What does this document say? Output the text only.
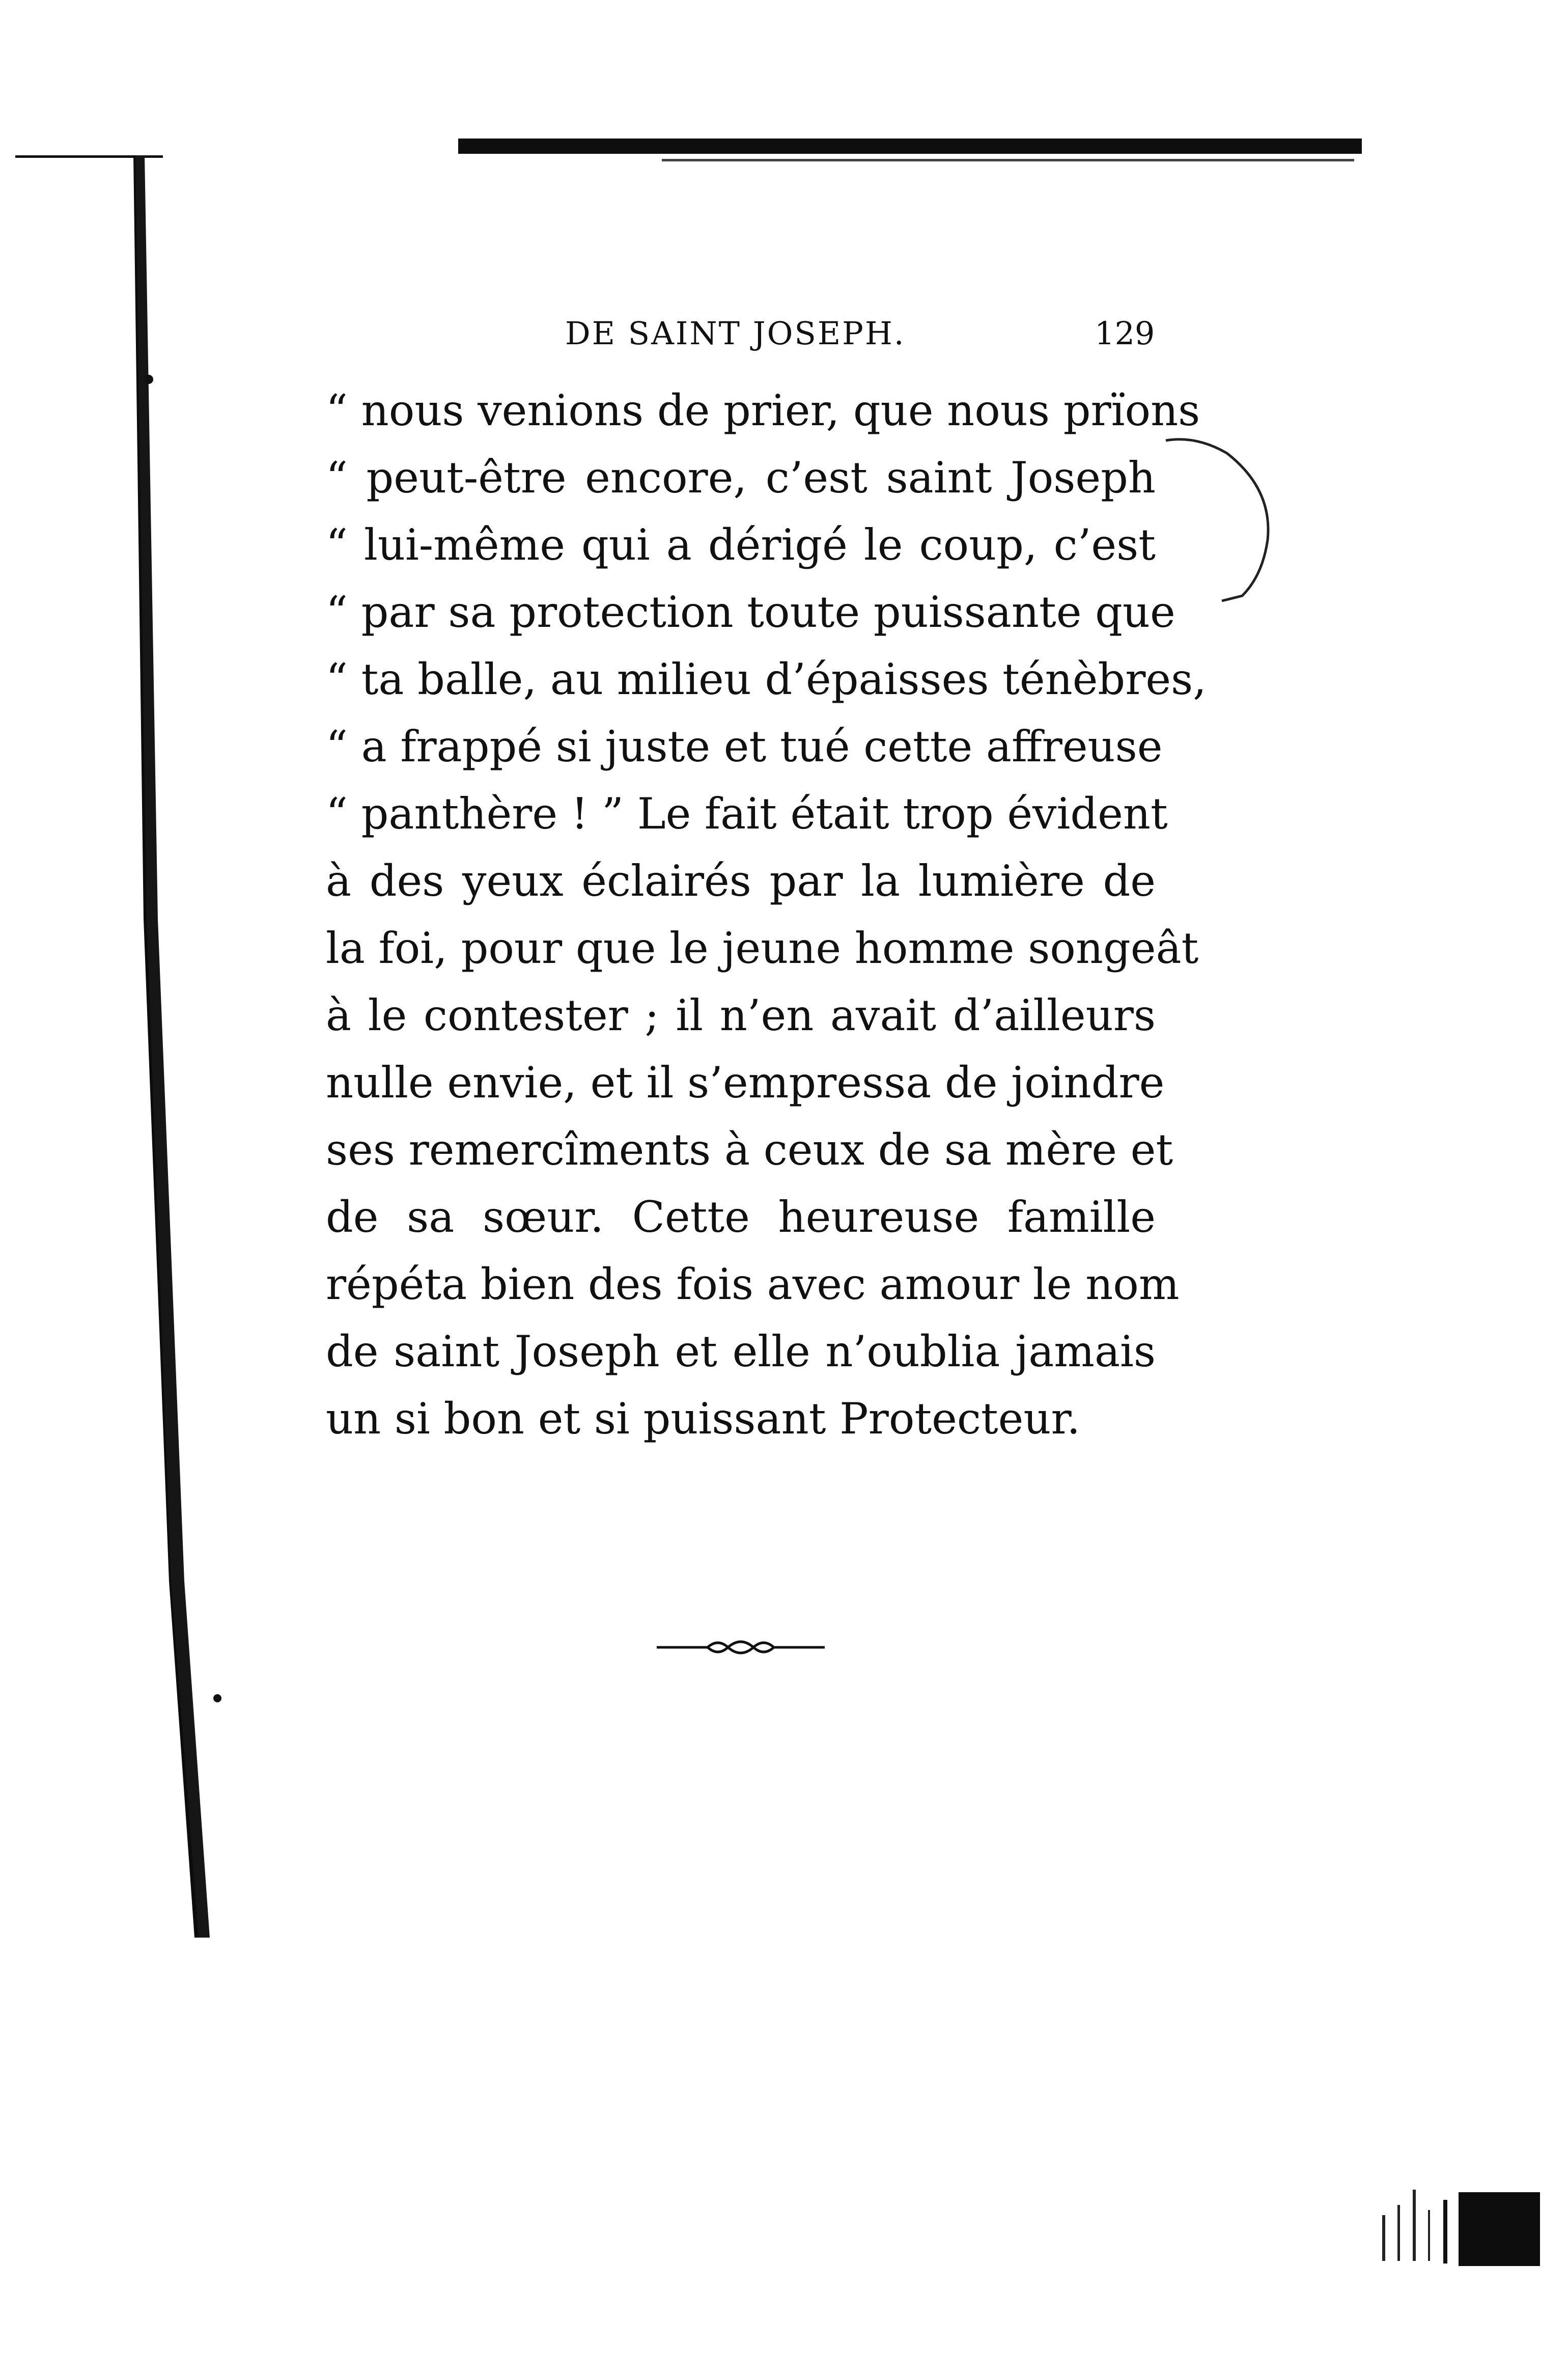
DE SAINT JOSEPH.	129
“ nous venions de prier, que nous prïons
“ peut-être encore, c’est saint Joseph
“ lui-même qui a dérigé le coup, c’est
“ par sa protection toute puissante que
“ ta balle, au milieu d’épaisses ténèbres,
“ a frappé si juste et tué cette affreuse
“ panthère ! ” Le fait était trop évident
à des yeux éclairés par la lumière de
la foi, pour que le jeune homme songeât
à le contester ; il n’en avait d’ailleurs
nulle envie, et il s’empressa de joindre
ses remercîments à ceux de sa mère et
de sa sœur. Cette heureuse famille
répéta bien des fois avec amour le nom
de saint Joseph et elle n’oublia jamais
un si bon et si puissant Protecteur.
